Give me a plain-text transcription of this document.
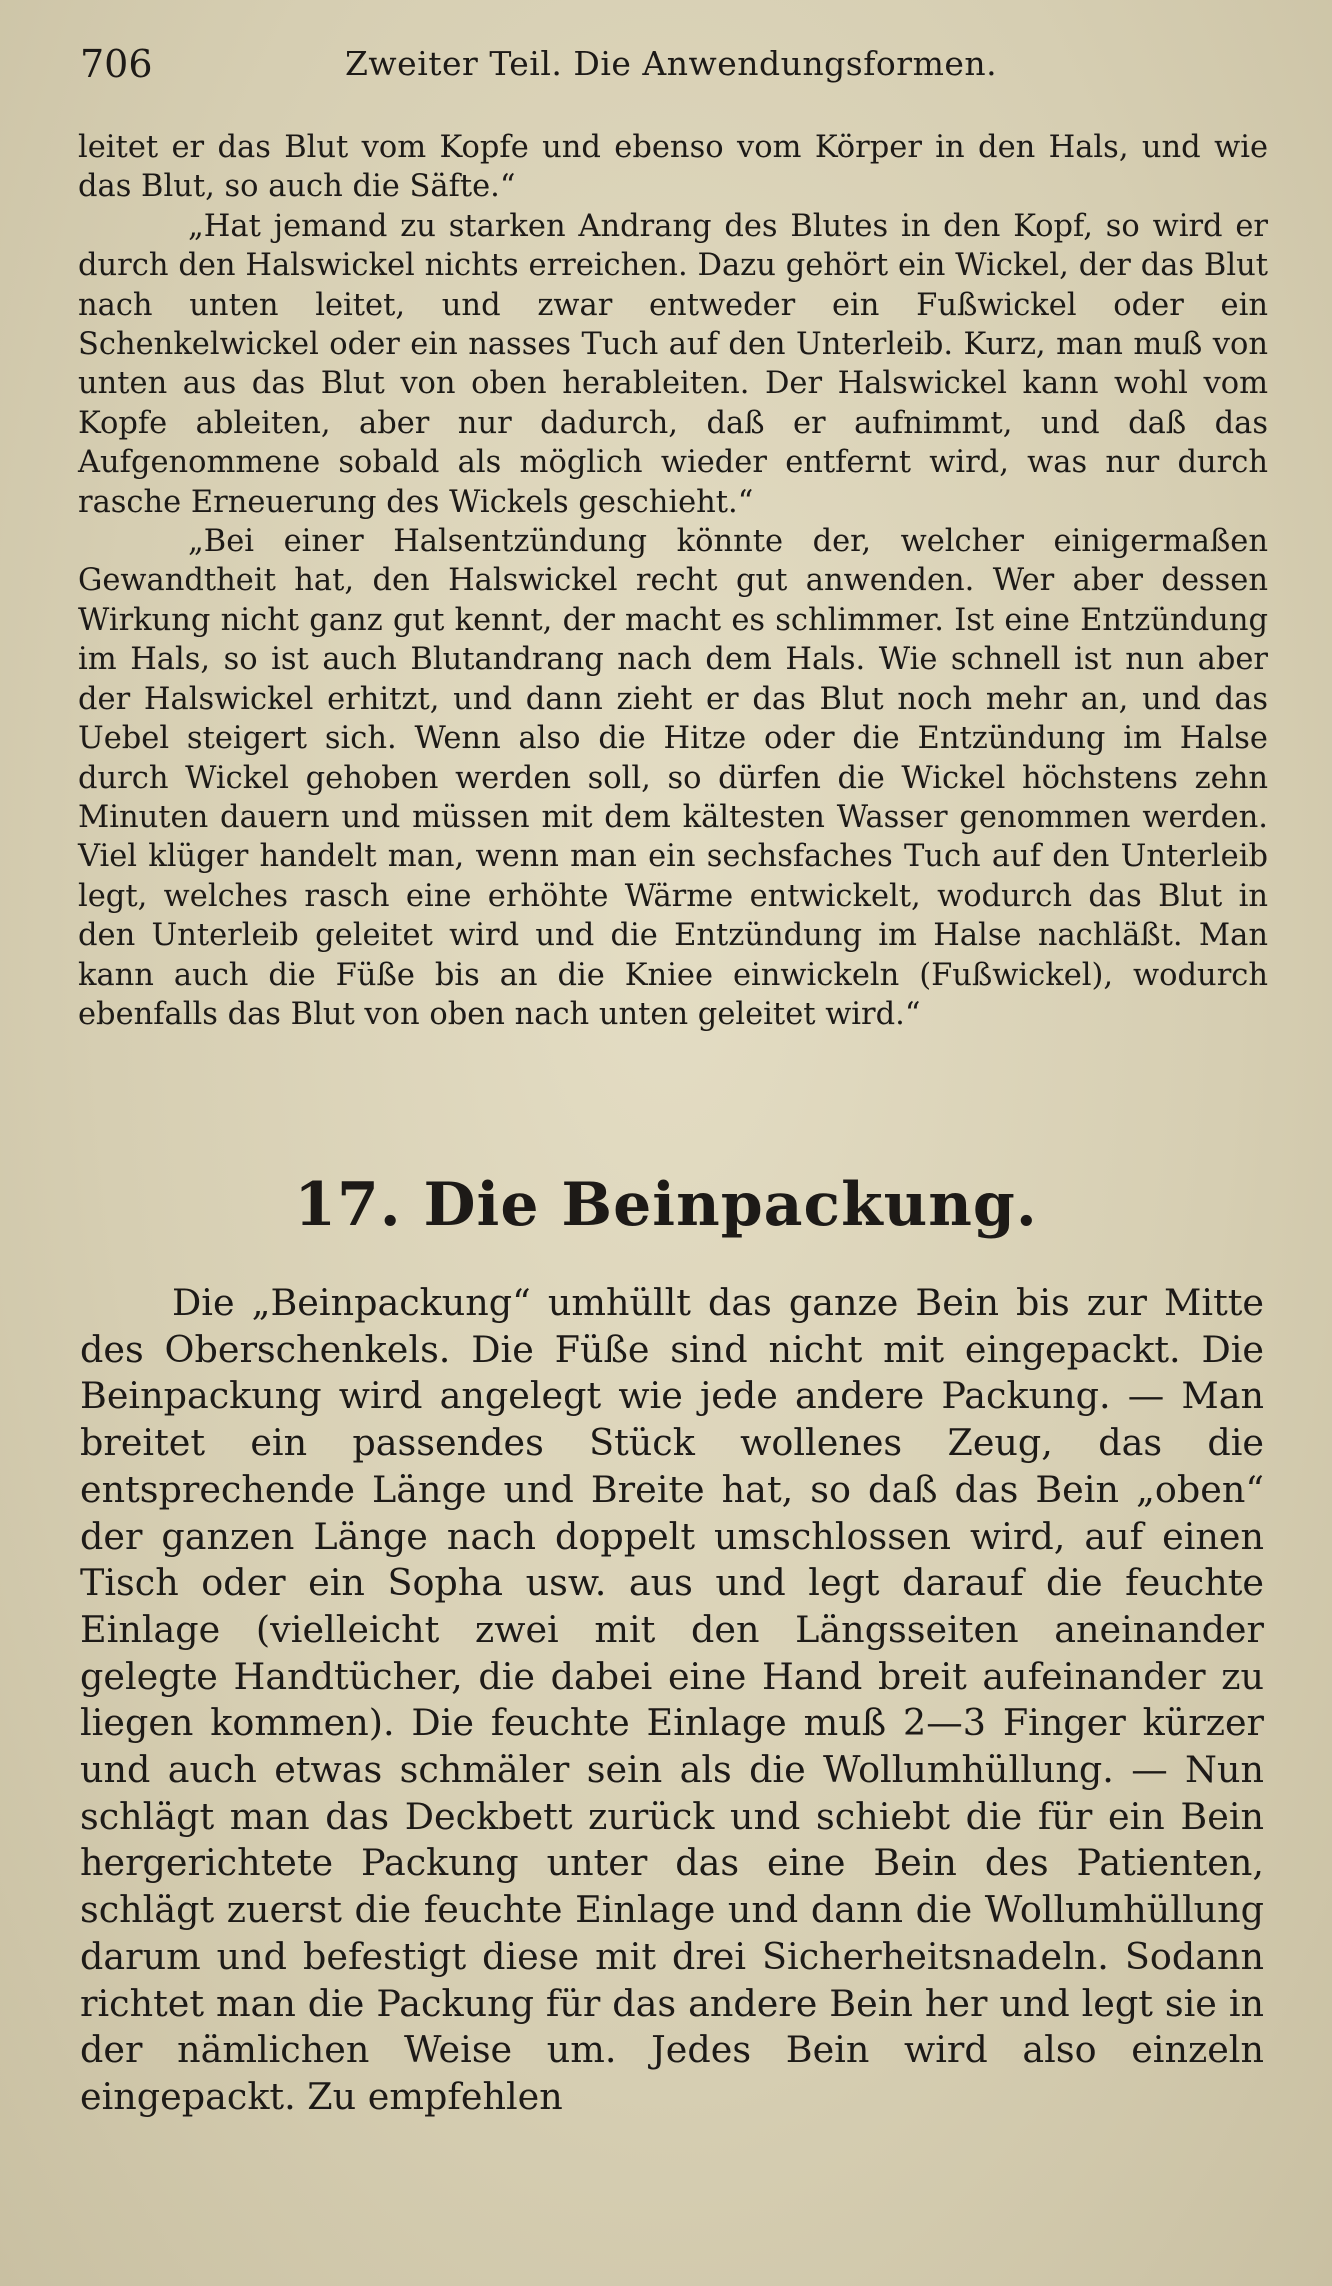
706	Zweiter Teil. Die Anwendungsformen.

leitet er das Blut vom Kopfe und ebenso vom Körper in den Hals, und wie das Blut, so auch die Säfte.“

„Hat jemand zu starken Andrang des Blutes in den Kopf, so wird er durch den Halswickel nichts erreichen. Dazu gehört ein Wickel, der das Blut nach unten leitet, und zwar entweder ein Fußwickel oder ein Schenkelwickel oder ein nasses Tuch auf den Unterleib. Kurz, man muß von unten aus das Blut von oben herableiten. Der Halswickel kann wohl vom Kopfe ableiten, aber nur dadurch, daß er aufnimmt, und daß das Aufgenommene sobald als möglich wieder entfernt wird, was nur durch rasche Erneuerung des Wickels geschieht.“

„Bei einer Halsentzündung könnte der, welcher einigermaßen Gewandtheit hat, den Halswickel recht gut anwenden. Wer aber dessen Wirkung nicht ganz gut kennt, der macht es schlimmer. Ist eine Entzündung im Hals, so ist auch Blutandrang nach dem Hals. Wie schnell ist nun aber der Halswickel erhitzt, und dann zieht er das Blut noch mehr an, und das Uebel steigert sich. Wenn also die Hitze oder die Entzündung im Halse durch Wickel gehoben werden soll, so dürfen die Wickel höchstens zehn Minuten dauern und müssen mit dem kältesten Wasser genommen werden. Viel klüger handelt man, wenn man ein sechsfaches Tuch auf den Unterleib legt, welches rasch eine erhöhte Wärme entwickelt, wodurch das Blut in den Unterleib geleitet wird und die Entzündung im Halse nachläßt. Man kann auch die Füße bis an die Kniee einwickeln (Fußwickel), wodurch ebenfalls das Blut von oben nach unten geleitet wird.“

17. Die Beinpackung.

Die „Beinpackung“ umhüllt das ganze Bein bis zur Mitte des Oberschenkels. Die Füße sind nicht mit eingepackt. Die Beinpackung wird angelegt wie jede andere Packung. — Man breitet ein passendes Stück wollenes Zeug, das die entsprechende Länge und Breite hat, so daß das Bein „oben“ der ganzen Länge nach doppelt umschlossen wird, auf einen Tisch oder ein Sopha usw. aus und legt darauf die feuchte Einlage (vielleicht zwei mit den Längsseiten aneinander gelegte Handtücher, die dabei eine Hand breit aufeinander zu liegen kommen). Die feuchte Einlage muß 2—3 Finger kürzer und auch etwas schmäler sein als die Wollumhüllung. — Nun schlägt man das Deckbett zurück und schiebt die für ein Bein hergerichtete Packung unter das eine Bein des Patienten, schlägt zuerst die feuchte Einlage und dann die Wollumhüllung darum und befestigt diese mit drei Sicherheitsnadeln. Sodann richtet man die Packung für das andere Bein her und legt sie in der nämlichen Weise um. Jedes Bein wird also einzeln eingepackt. Zu empfehlen
